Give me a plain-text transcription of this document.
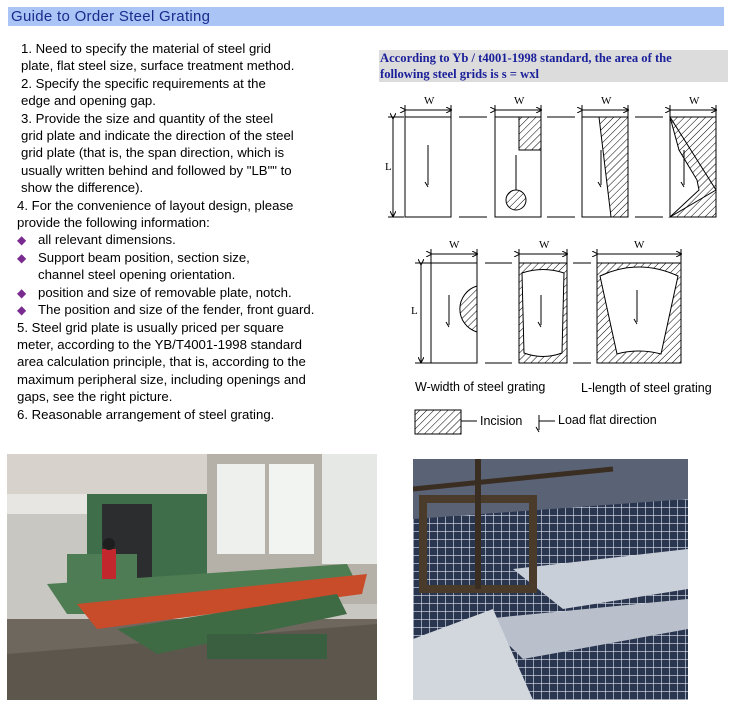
Guide to Order Steel Grating

1. Need to specify the material of steel grid
plate, flat steel size, surface treatment method.

2. Specify the specific requirements at the
edge and opening gap.

3. Provide the size and quantity of the steel
grid plate and indicate the direction of the steel
grid plate (that is, the span direction, which is
usually written behind and followed by "LB"" to
show the difference).

4. For the convenience of layout design, please
provide the following information:

◆ all relevant dimensions.

◆ Support beam position, section size,
channel steel opening orientation.

◆ position and size of removable plate, notch.

◆ The position and size of the fender, front guard.

5. Steel grid plate is usually priced per square
meter, according to the YB/T4001-1998 standard
area calculation principle, that is, according to the
maximum peripheral size, including openings and
gaps, see the right picture.

6. Reasonable arrangement of steel grating.

According to Yb / t4001-1998 standard, the area of the
following steel grids is s = wxl
W	W	W	W
L
W	W	W
L
W-width of steel grating	L-length of steel grating
Incision	Load flat direction
